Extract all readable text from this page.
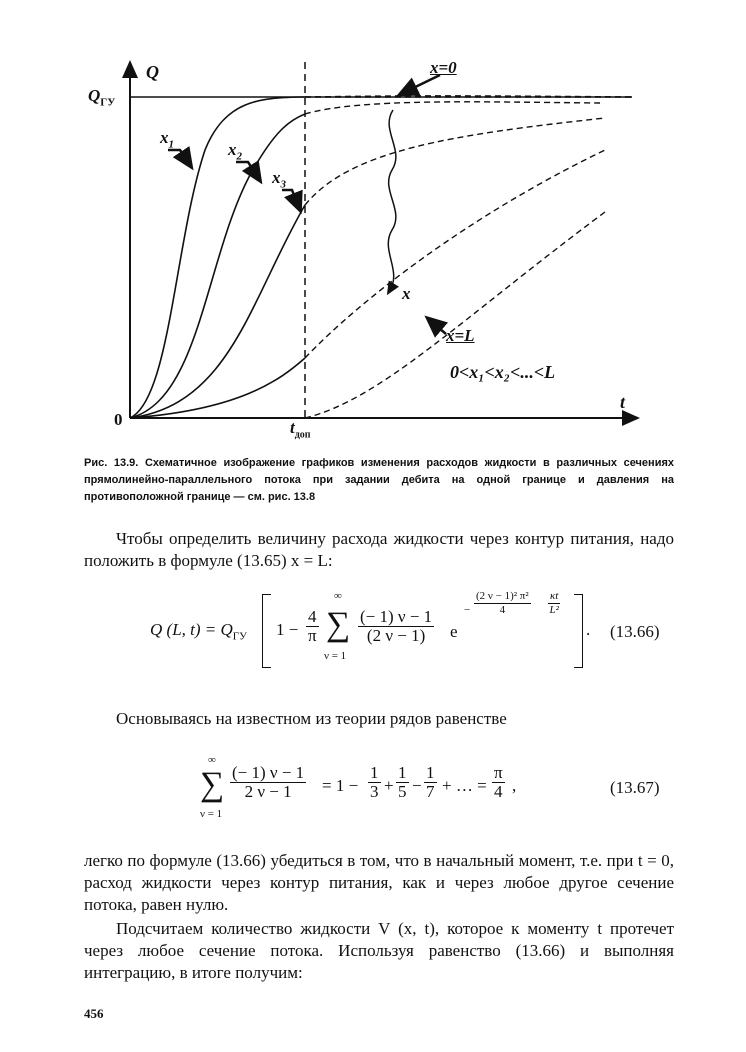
Q
$Q_{ГУ}$
0
t
$t_{доп}$
$x_1$	$x_2$
$x_3$
x=0
x=L
x
0<x₁<x₂<...<L
Рис. 13.9. Схематичное изображение графиков изменения расходов жидкости в различных сечениях прямолинейно-параллельного потока при задании дебита на одной границе и давления на противоположной границе — см. рис. 13.8
Чтобы определить величину расхода жидкости через контур питания, надо положить в формуле (13.65) x = L:
Q (L, $t) = Q_{ГУ}$ $1 - \frac{4}{\pi}$
∞
∑
ν = 1
$\frac{(- 1) \nu - 1}{(2 \nu - 1)}$ e
− $\frac{\text{(2 ν − 1)² π²}}{4} \frac{\kappa t}{\text{L²}}$
. (13.66)
Основываясь на известном из теории рядов равенстве
∞
∑
ν = 1
$\frac{(- 1) \nu - 1}{2 \nu - 1} = 1 - \frac{1}{3} + \frac{1}{5} - \frac{1}{7}$ + … = $\frac{\pi}{4}$ ,	(13.67)
легко по формуле (13.66) убедиться в том, что в начальный момент, т.е. при t = 0, расход жидкости через контур питания, как и через любое другое сечение потока, равен нулю.
Подсчитаем количество жидкости V (x, t), которое к моменту t протечет через любое сечение потока. Используя равенство (13.66) и выполняя интеграцию, в итоге получим:
456
